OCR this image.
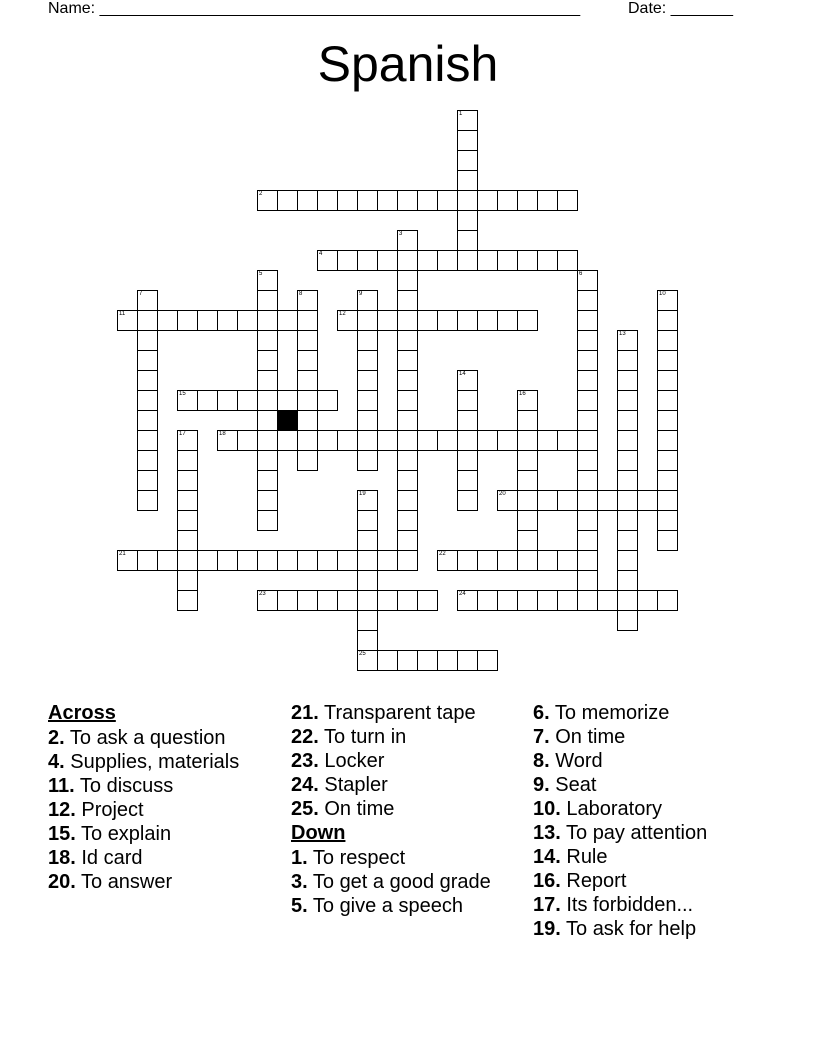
Name: ______________________________________________________	Date: _______
Spanish
2
4
11	12
15
18
20
21	22
23	24
25
1
3
5	6
7	8	9	10
13
14
16
17
19
Across
2. To ask a question
4. Supplies, materials
11. To discuss
12. Project
15. To explain
18. Id card
20. To answer
21. Transparent tape
22. To turn in
23. Locker
24. Stapler
25. On time
Down
1. To respect
3. To get a good grade
5. To give a speech
6. To memorize
7. On time
8. Word
9. Seat
10. Laboratory
13. To pay attention
14. Rule
16. Report
17. Its forbidden...
19. To ask for help
